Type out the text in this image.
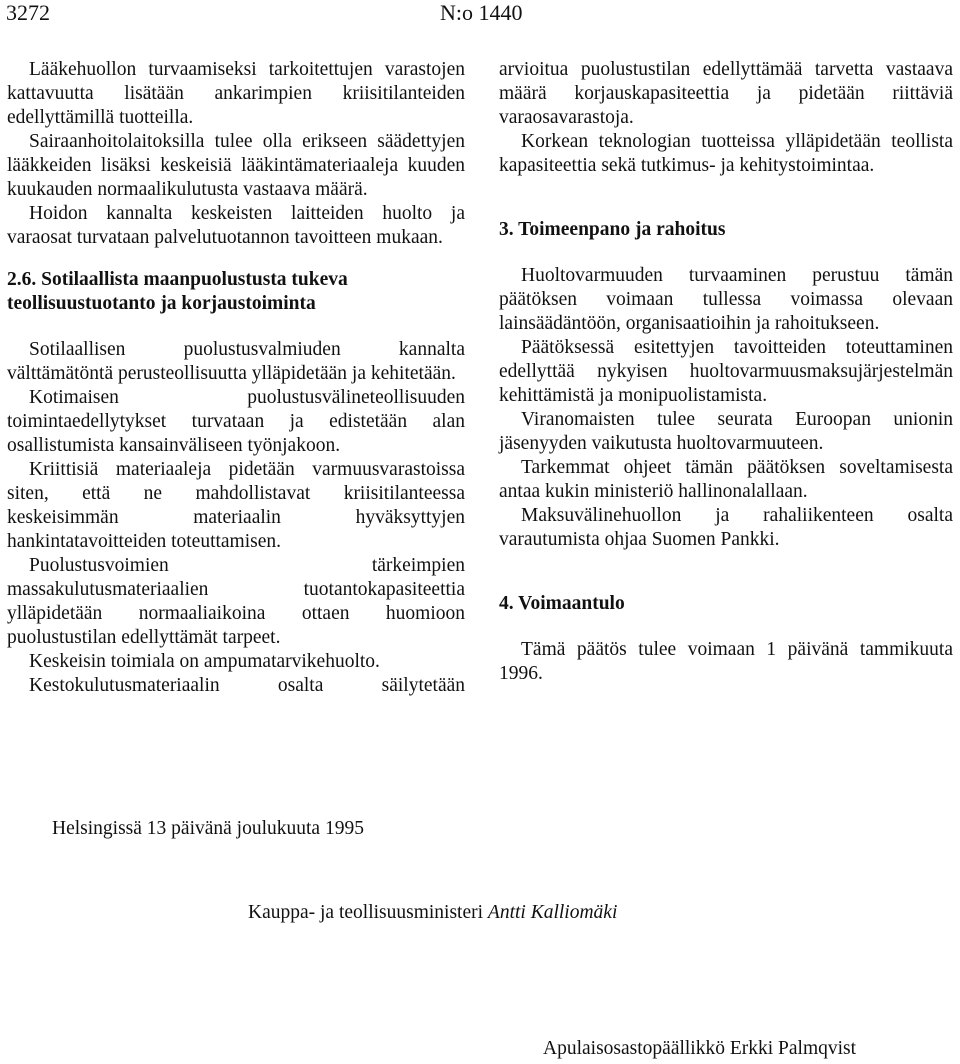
3272	N:o 1440

Lääkehuollon turvaamiseksi tarkoitettujen varastojen kattavuutta lisätään ankarimpien kriisitilanteiden edellyttämillä tuotteilla.

Sairaanhoitolaitoksilla tulee olla erikseen säädettyjen lääkkeiden lisäksi keskeisiä lääkintämateriaaleja kuuden kuukauden normaalikulutusta vastaava määrä.

Hoidon kannalta keskeisten laitteiden huolto ja varaosat turvataan palvelutuotannon tavoitteen mukaan.

2.6. Sotilaallista maanpuolustusta tukeva teollisuustuotanto ja korjaustoiminta

Sotilaallisen puolustusvalmiuden kannalta välttämätöntä perusteollisuutta ylläpidetään ja kehitetään.

Kotimaisen puolustusvälineteollisuuden toimintaedellytykset turvataan ja edistetään alan osallistumista kansainväliseen työnjakoon.

Kriittisiä materiaaleja pidetään varmuusvarastoissa siten, että ne mahdollistavat kriisitilanteessa keskeisimmän materiaalin hyväksyttyjen hankintatavoitteiden toteuttamisen.

Puolustusvoimien tärkeimpien massakulutusmateriaalien tuotantokapasiteettia ylläpidetään normaaliaikoina ottaen huomioon puolustustilan edellyttämät tarpeet.

Keskeisin toimiala on ampumatarvikehuolto.

Kestokulutusmateriaalin osalta säilytetään

arvioitua puolustustilan edellyttämää tarvetta vastaava määrä korjauskapasiteettia ja pidetään riittäviä varaosavarastoja.

Korkean teknologian tuotteissa ylläpidetään teollista kapasiteettia sekä tutkimus- ja kehitystoimintaa.

3. Toimeenpano ja rahoitus

Huoltovarmuuden turvaaminen perustuu tämän päätöksen voimaan tullessa voimassa olevaan lainsäädäntöön, organisaatioihin ja rahoitukseen.

Päätöksessä esitettyjen tavoitteiden toteuttaminen edellyttää nykyisen huoltovarmuusmaksujärjestelmän kehittämistä ja monipuolistamista.

Viranomaisten tulee seurata Euroopan unionin jäsenyyden vaikutusta huoltovarmuuteen.

Tarkemmat ohjeet tämän päätöksen soveltamisesta antaa kukin ministeriö hallinonalallaan.

Maksuvälinehuollon ja rahaliikenteen osalta varautumista ohjaa Suomen Pankki.

4. Voimaantulo

Tämä päätös tulee voimaan 1 päivänä tammikuuta 1996.

Helsingissä 13 päivänä joulukuuta 1995
Kauppa- ja teollisuusministeri Antti Kalliomäki
Apulaisosastopäällikkö Erkki Palmqvist
